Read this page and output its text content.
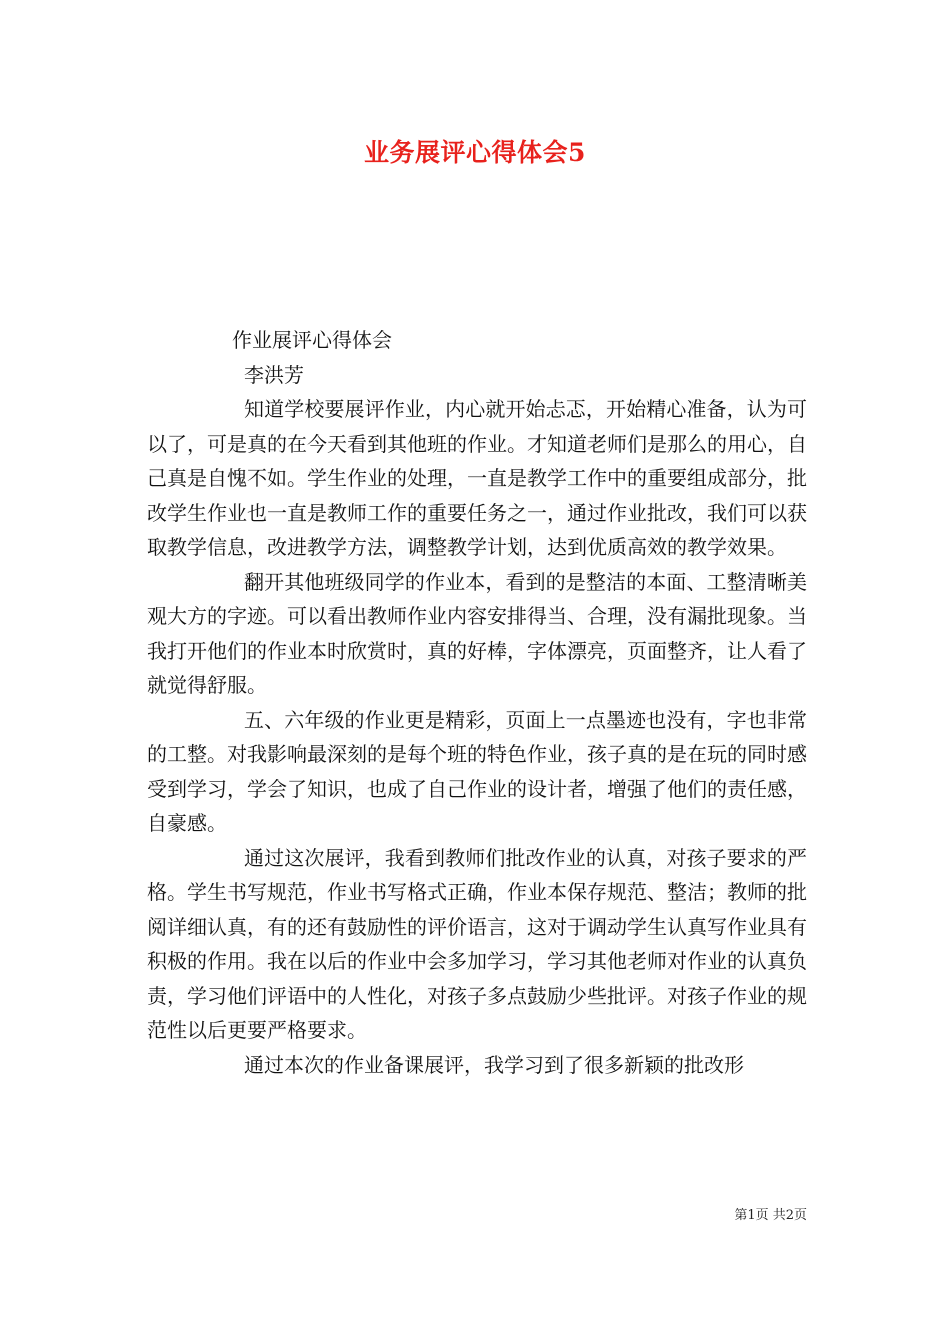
业务展评心得体会5

作业展评心得体会

李洪芳

知道学校要展评作业，内心就开始忐忑，开始精心准备，认为可以了，可是真的在今天看到其他班的作业。才知道老师们是那么的用心，自己真是自愧不如。学生作业的处理，一直是教学工作中的重要组成部分，批改学生作业也一直是教师工作的重要任务之一，通过作业批改，我们可以获取教学信息，改进教学方法，调整教学计划，达到优质高效的教学效果。

翻开其他班级同学的作业本，看到的是整洁的本面、工整清晰美观大方的字迹。可以看出教师作业内容安排得当、合理，没有漏批现象。当我打开他们的作业本时欣赏时，真的好棒，字体漂亮，页面整齐，让人看了就觉得舒服。

五、六年级的作业更是精彩，页面上一点墨迹也没有，字也非常的工整。对我影响最深刻的是每个班的特色作业，孩子真的是在玩的同时感受到学习，学会了知识，也成了自己作业的设计者，增强了他们的责任感，自豪感。

通过这次展评，我看到教师们批改作业的认真，对孩子要求的严格。学生书写规范，作业书写格式正确，作业本保存规范、整洁；教师的批阅详细认真，有的还有鼓励性的评价语言，这对于调动学生认真写作业具有积极的作用。我在以后的作业中会多加学习，学习其他老师对作业的认真负责，学习他们评语中的人性化，对孩子多点鼓励少些批评。对孩子作业的规范性以后更要严格要求。

通过本次的作业备课展评，我学习到了很多新颖的批改形

第1页 共2页
